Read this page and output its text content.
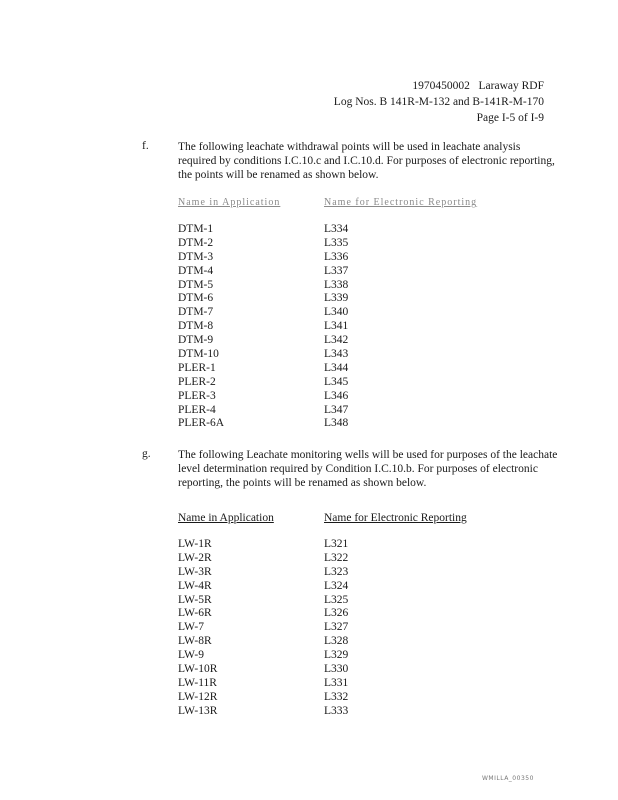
1970450002   Laraway RDF
Log Nos. B 141R-M-132 and B-141R-M-170
Page I-5 of I-9
f.	The following leachate withdrawal points will be used in leachate analysis required by conditions I.C.10.c and I.C.10.d. For purposes of electronic reporting, the points will be renamed as shown below.
Name in Application	Name for Electronic Reporting
DTM-1	L334
DTM-2	L335
DTM-3	L336
DTM-4	L337
DTM-5	L338
DTM-6	L339
DTM-7	L340
DTM-8	L341
DTM-9	L342
DTM-10	L343
PLER-1	L344
PLER-2	L345
PLER-3	L346
PLER-4	L347
PLER-6A	L348
g. The following Leachate monitoring wells will be used for purposes of the leachate level determination required by Condition I.C.10.b. For purposes of electronic reporting, the points will be renamed as shown below.
Name in Application	Name for Electronic Reporting
LW-1R	L321
LW-2R	L322
LW-3R	L323
LW-4R	L324
LW-5R	L325
LW-6R	L326
LW-7	L327
LW-8R	L328
LW-9	L329
LW-10R	L330
LW-11R	L331
LW-12R	L332
LW-13R	L333
WMILLA_00350
